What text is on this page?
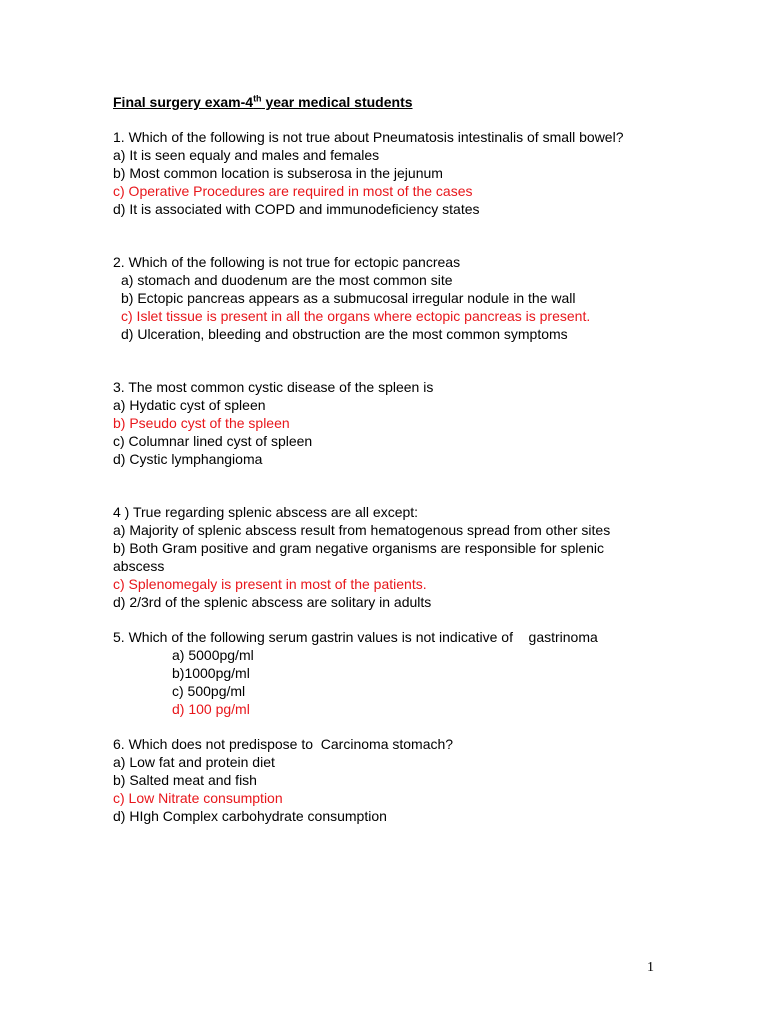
Final surgery exam-4th year medical students
1. Which of the following is not true about Pneumatosis intestinalis of small bowel?
a) It is seen equaly and males and females
b) Most common location is subserosa in the jejunum
c) Operative Procedures are required in most of the cases
d) It is associated with COPD and immunodeficiency states
2. Which of the following is not true for ectopic pancreas
a) stomach and duodenum are the most common site
b) Ectopic pancreas appears as a submucosal irregular nodule in the wall
c) Islet tissue is present in all the organs where ectopic pancreas is present.
d) Ulceration, bleeding and obstruction are the most common symptoms
3. The most common cystic disease of the spleen is
a) Hydatic cyst of spleen
b) Pseudo cyst of the spleen
c) Columnar lined cyst of spleen
d) Cystic lymphangioma
4 ) True regarding splenic abscess are all except:
a) Majority of splenic abscess result from hematogenous spread from other sites
b) Both Gram positive and gram negative organisms are responsible for splenic abscess
c) Splenomegaly is present in most of the patients.
d) 2/3rd of the splenic abscess are solitary in adults
5. Which of the following serum gastrin values is not indicative of    gastrinoma
a) 5000pg/ml
b)1000pg/ml
c) 500pg/ml
d) 100 pg/ml
6. Which does not predispose to  Carcinoma stomach?
a) Low fat and protein diet
b) Salted meat and fish
c) Low Nitrate consumption
d) HIgh Complex carbohydrate consumption
1
